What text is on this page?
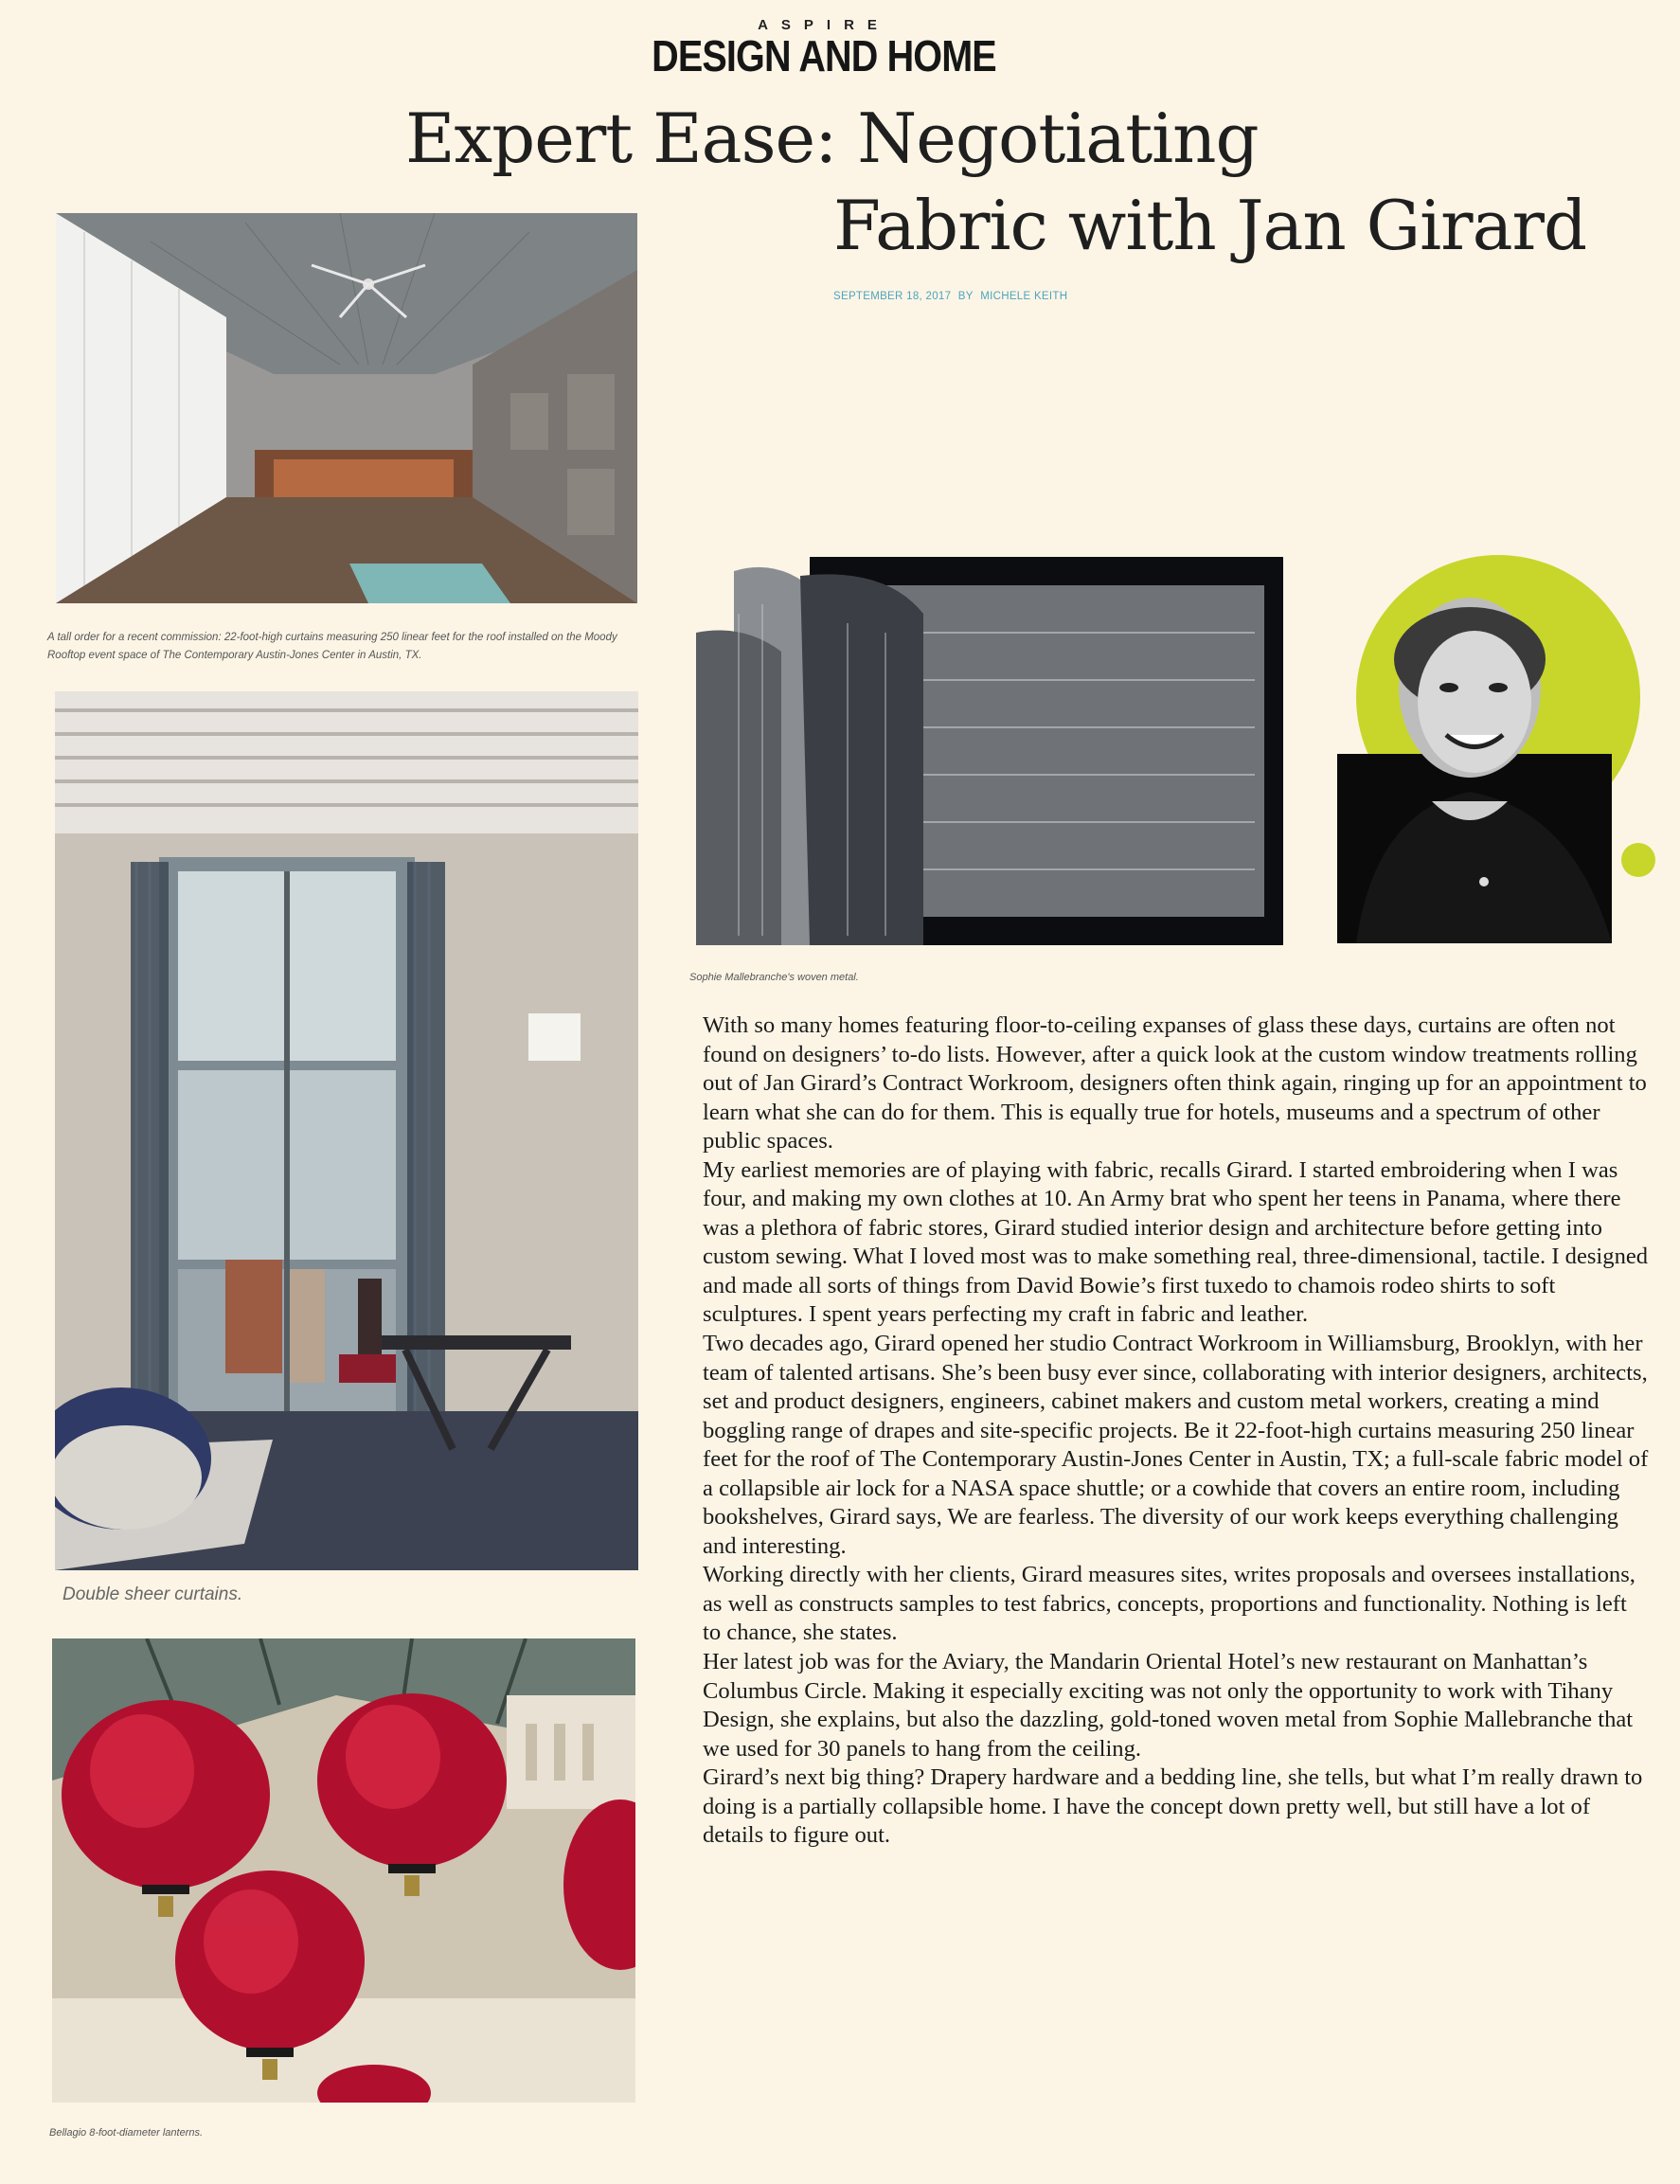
ASPIRE
DESIGN AND HOME
Expert Ease: Negotiating
Fabric with Jan Girard
SEPTEMBER 18, 2017 BY MICHELE KEITH
A tall order for a recent commission: 22-foot-high curtains measuring 250 linear feet for the roof installed on the Moody Rooftop event space of The Contemporary Austin-Jones Center in Austin, TX.
Double sheer curtains.
Bellagio 8-foot-diameter lanterns.
Sophie Mallebranche's woven metal.

With so many homes featuring floor-to-ceiling expanses of glass these days, curtains are often not found on designers’ to-do lists. However, after a quick look at the custom window treatments rolling out of Jan Girard’s Contract Workroom, designers often think again, ringing up for an appointment to learn what she can do for them. This is equally true for hotels, museums and a spectrum of other public spaces.

My earliest memories are of playing with fabric, recalls Girard. I started embroidering when I was four, and making my own clothes at 10. An Army brat who spent her teens in Panama, where there was a plethora of fabric stores, Girard studied interior design and architecture before getting into custom sewing. What I loved most was to make something real, three-dimensional, tactile. I designed and made all sorts of things from David Bowie’s first tuxedo to chamois rodeo shirts to soft sculptures. I spent years perfecting my craft in fabric and leather.

Two decades ago, Girard opened her studio Contract Workroom in Williamsburg, Brooklyn, with her team of talented artisans. She’s been busy ever since, collaborating with interior designers, architects, set and product designers, engineers, cabinet makers and custom metal workers, creating a mind boggling range of drapes and site-specific projects. Be it 22-foot-high curtains measuring 250 linear feet for the roof of The Contemporary Austin-Jones Center in Austin, TX; a full-scale fabric model of a collapsible air lock for a NASA space shuttle; or a cowhide that covers an entire room, including bookshelves, Girard says, We are fearless. The diversity of our work keeps everything challenging and interesting.

Working directly with her clients, Girard measures sites, writes proposals and oversees installations, as well as constructs samples to test fabrics, concepts, proportions and functionality. Nothing is left to chance, she states.

Her latest job was for the Aviary, the Mandarin Oriental Hotel’s new restaurant on Manhattan’s Columbus Circle. Making it especially exciting was not only the opportunity to work with Tihany Design, she explains, but also the dazzling, gold-toned woven metal from Sophie Mallebranche that we used for 30 panels to hang from the ceiling.

Girard’s next big thing? Drapery hardware and a bedding line, she tells, but what I’m really drawn to doing is a partially collapsible home. I have the concept down pretty well, but still have a lot of details to figure out.
